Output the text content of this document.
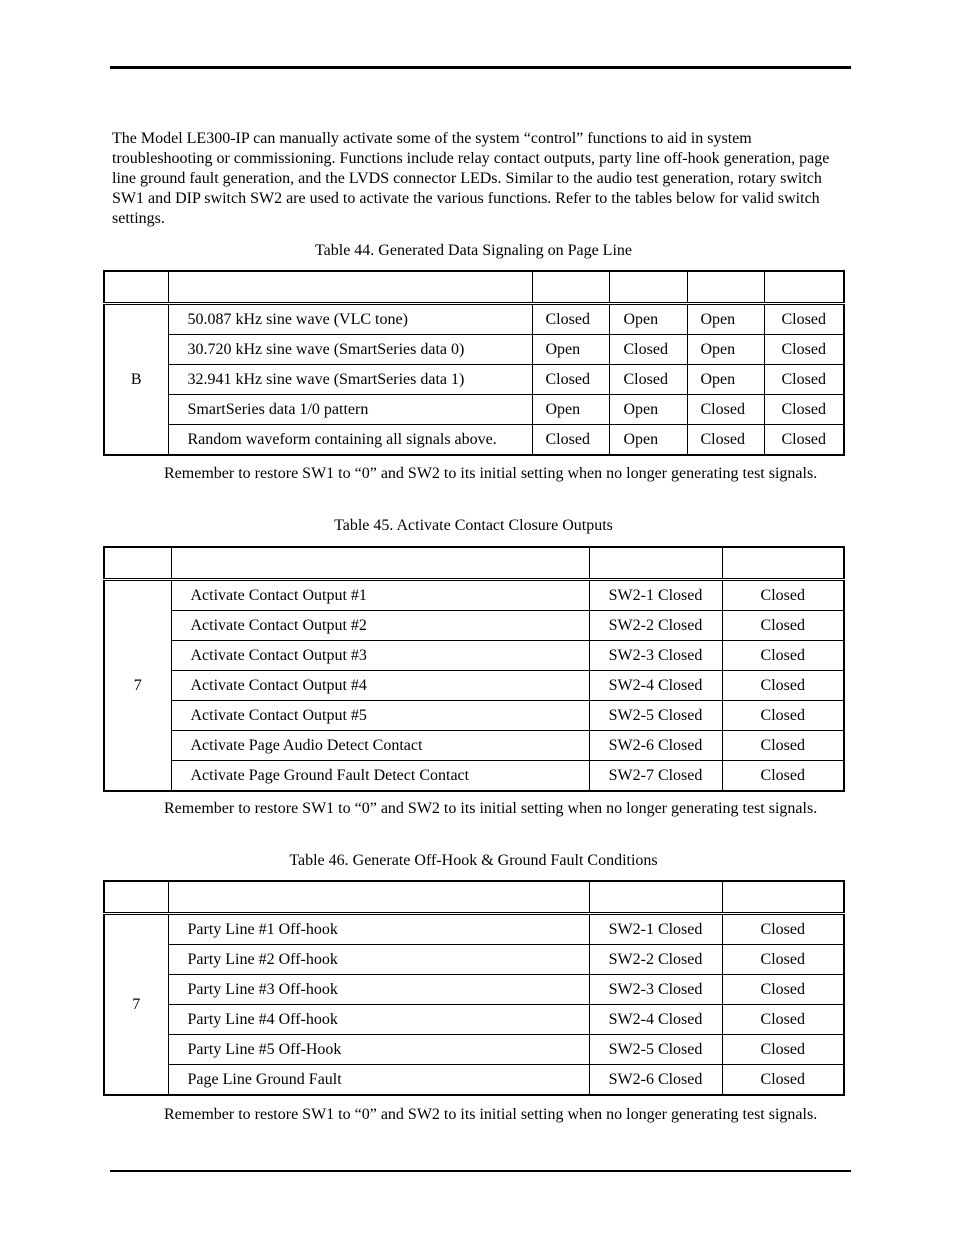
The Model LE300-IP can manually activate some of the system “control” functions to aid in system troubleshooting or commissioning. Functions include relay contact outputs, party line off-hook generation, page line ground fault generation, and the LVDS connector LEDs. Similar to the audio test generation, rotary switch SW1 and DIP switch SW2 are used to activate the various functions. Refer to the tables below for valid switch settings.

Table 44. Generated Data Signaling on Page Line

B	50.087 kHz sine wave (VLC tone)	Closed	Open	Open	Closed
	30.720 kHz sine wave (SmartSeries data 0)	Open	Closed	Open	Closed
	32.941 kHz sine wave (SmartSeries data 1)	Closed	Closed	Open	Closed
	SmartSeries data 1/0 pattern	Open	Open	Closed	Closed
	Random waveform containing all signals above.	Closed	Open	Closed	Closed

Remember to restore SW1 to “0” and SW2 to its initial setting when no longer generating test signals.

Table 45. Activate Contact Closure Outputs

7	Activate Contact Output #1	SW2-1 Closed	Closed
	Activate Contact Output #2	SW2-2 Closed	Closed
	Activate Contact Output #3	SW2-3 Closed	Closed
	Activate Contact Output #4	SW2-4 Closed	Closed
	Activate Contact Output #5	SW2-5 Closed	Closed
	Activate Page Audio Detect Contact	SW2-6 Closed	Closed
	Activate Page Ground Fault Detect Contact	SW2-7 Closed	Closed

Remember to restore SW1 to “0” and SW2 to its initial setting when no longer generating test signals.

Table 46. Generate Off-Hook & Ground Fault Conditions

7	Party Line #1 Off-hook	SW2-1 Closed	Closed
	Party Line #2 Off-hook	SW2-2 Closed	Closed
	Party Line #3 Off-hook	SW2-3 Closed	Closed
	Party Line #4 Off-hook	SW2-4 Closed	Closed
	Party Line #5 Off-Hook	SW2-5 Closed	Closed
	Page Line Ground Fault	SW2-6 Closed	Closed

Remember to restore SW1 to “0” and SW2 to its initial setting when no longer generating test signals.
